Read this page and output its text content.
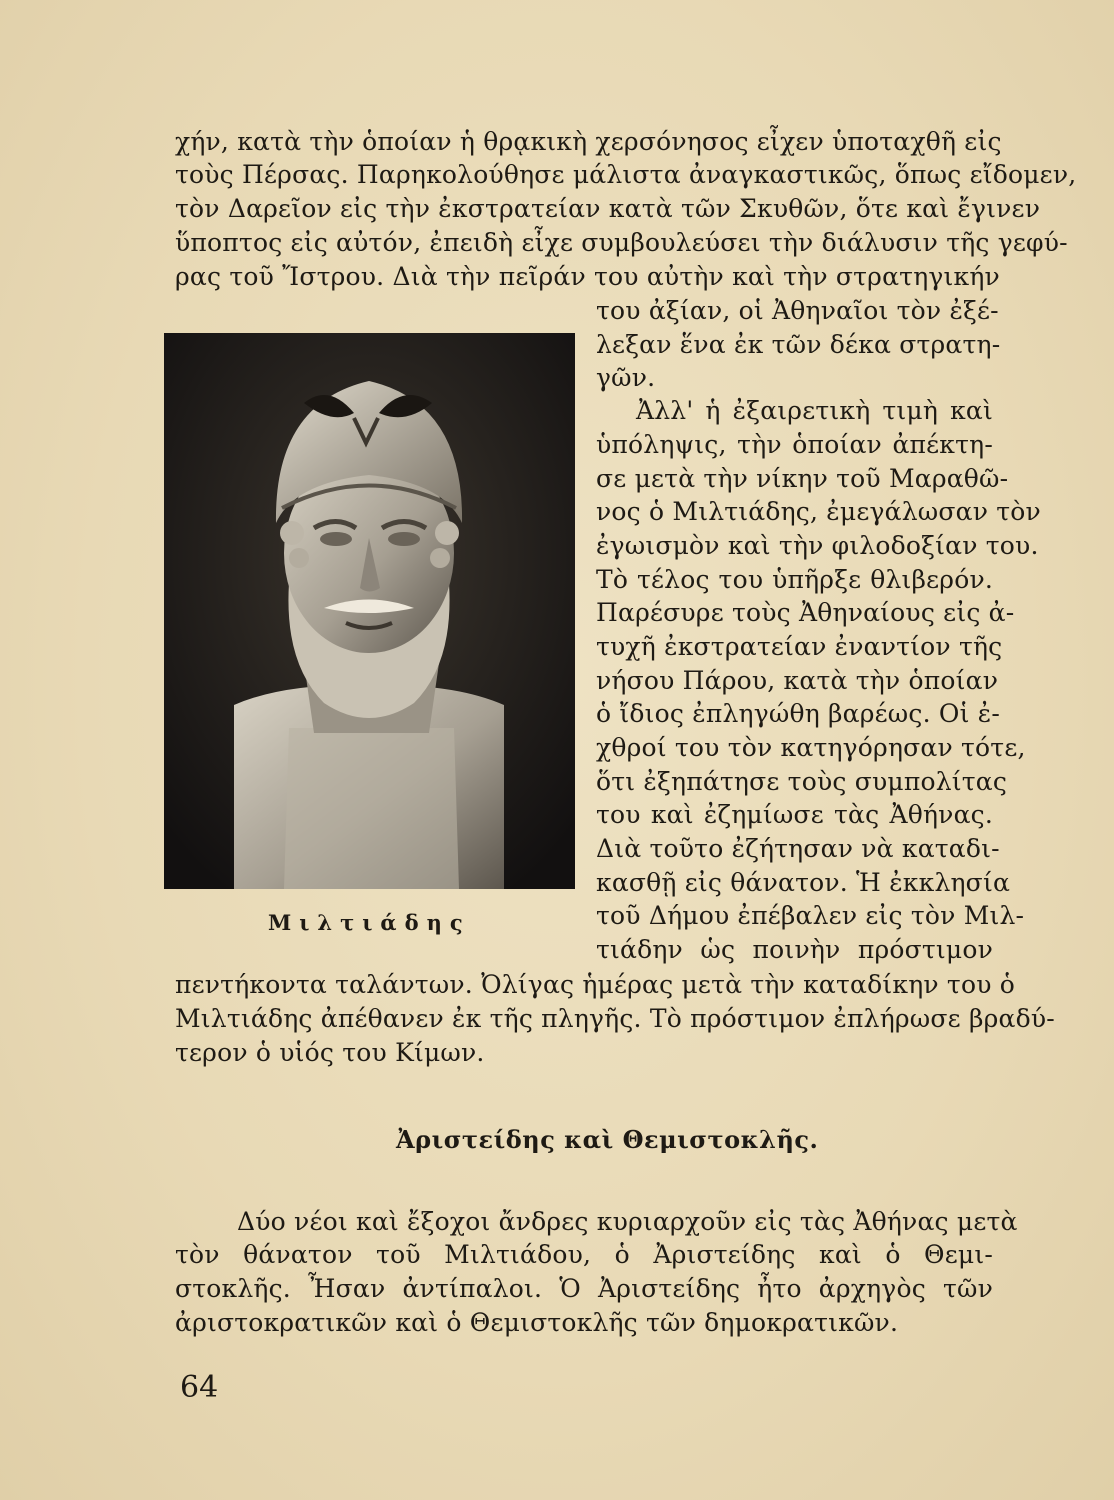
χήν, κατὰ τὴν ὁποίαν ἡ θρᾳκικὴ χερσόνησος εἶχεν ὑποταχθῆ εἰς
τοὺς Πέρσας. Παρηκολούθησε μάλιστα ἀναγκαστικῶς, ὅπως εἴδομεν,
τὸν Δαρεῖον εἰς τὴν ἐκστρατείαν κατὰ τῶν Σκυθῶν, ὅτε καὶ ἔγινεν
ὕποπτος εἰς αὐτόν, ἐπειδὴ εἶχε συμβουλεύσει τὴν διάλυσιν τῆς γεφύ-
ρας τοῦ Ἴστρου. Διὰ τὴν πεῖράν του αὐτὴν καὶ τὴν στρατηγικήν
του ἀξίαν, οἱ Ἀθηναῖοι τὸν ἐξέ-
λεξαν ἕνα ἐκ τῶν δέκα στρατη-
γῶν.
Ἀλλ' ἡ ἐξαιρετικὴ τιμὴ καὶ
ὑπόληψις, τὴν ὁποίαν ἀπέκτη-
σε μετὰ τὴν νίκην τοῦ Μαραθῶ-
νος ὁ Μιλτιάδης, ἐμεγάλωσαν τὸν
ἐγωισμὸν καὶ τὴν φιλοδοξίαν του.
Τὸ τέλος του ὑπῆρξε θλιβερόν.
Παρέσυρε τοὺς Ἀθηναίους εἰς ἀ-
τυχῆ ἐκστρατείαν ἐναντίον τῆς
νήσου Πάρου, κατὰ τὴν ὁποίαν
ὁ ἴδιος ἐπληγώθη βαρέως. Οἱ ἐ-
χθροί του τὸν κατηγόρησαν τότε,
ὅτι ἐξηπάτησε τοὺς συμπολίτας
του καὶ ἐζημίωσε τὰς Ἀθήνας.
Διὰ τοῦτο ἐζήτησαν νὰ καταδι-
κασθῇ εἰς θάνατον. Ἡ ἐκκλησία
τοῦ Δήμου ἐπέβαλεν εἰς τὸν Μιλ-
τιάδην ὡς ποινὴν πρόστιμον
Μιλτιάδης
πεντήκοντα ταλάντων. Ὀλίγας ἡμέρας μετὰ τὴν καταδίκην του ὁ
Μιλτιάδης ἀπέθανεν ἐκ τῆς πληγῆς. Τὸ πρόστιμον ἐπλήρωσε βραδύ-
τερον ὁ υἱός του Κίμων.
Ἀριστείδης καὶ Θεμιστοκλῆς.
Δύο νέοι καὶ ἔξοχοι ἄνδρες κυριαρχοῦν εἰς τὰς Ἀθήνας μετὰ
τὸν θάνατον τοῦ Μιλτιάδου, ὁ Ἀριστείδης καὶ ὁ Θεμι-
στοκλῆς. Ἦσαν ἀντίπαλοι. Ὁ Ἀριστείδης ἦτο ἀρχηγὸς τῶν
ἀριστοκρατικῶν καὶ ὁ Θεμιστοκλῆς τῶν δημοκρατικῶν.
64
